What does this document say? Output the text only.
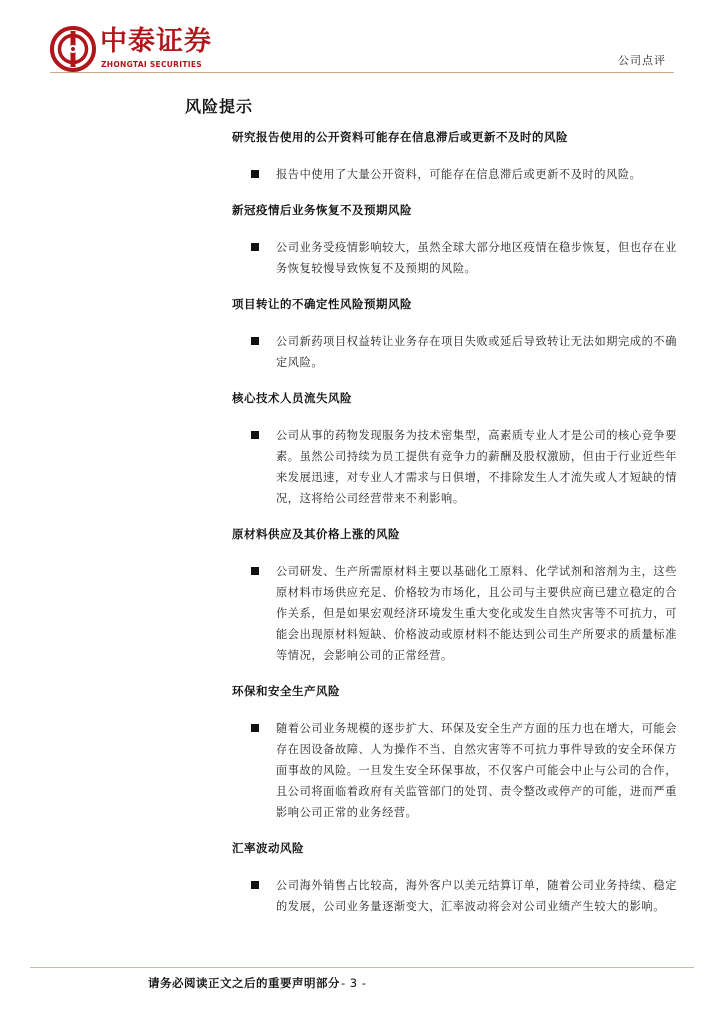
中泰证券
ZHONGTAI SECURITIES	公司点评
风险提示
研究报告使用的公开资料可能存在信息滞后或更新不及时的风险
报告中使用了大量公开资料，可能存在信息滞后或更新不及时的风险。
新冠疫情后业务恢复不及预期风险
公司业务受疫情影响较大，虽然全球大部分地区疫情在稳步恢复，但也存在业务恢复较慢导致恢复不及预期的风险。
项目转让的不确定性风险预期风险
公司新药项目权益转让业务存在项目失败或延后导致转让无法如期完成的不确定风险。
核心技术人员流失风险
公司从事的药物发现服务为技术密集型，高素质专业人才是公司的核心竞争要素。虽然公司持续为员工提供有竞争力的薪酬及股权激励，但由于行业近些年来发展迅速，对专业人才需求与日俱增，不排除发生人才流失或人才短缺的情况，这将给公司经营带来不利影响。
原材料供应及其价格上涨的风险
公司研发、生产所需原材料主要以基础化工原料、化学试剂和溶剂为主，这些原材料市场供应充足、价格较为市场化，且公司与主要供应商已建立稳定的合作关系，但是如果宏观经济环境发生重大变化或发生自然灾害等不可抗力，可能会出现原材料短缺、价格波动或原材料不能达到公司生产所要求的质量标准等情况，会影响公司的正常经营。
环保和安全生产风险
随着公司业务规模的逐步扩大、环保及安全生产方面的压力也在增大，可能会存在因设备故障、人为操作不当、自然灾害等不可抗力事件导致的安全环保方面事故的风险。一旦发生安全环保事故，不仅客户可能会中止与公司的合作，且公司将面临着政府有关监管部门的处罚、责令整改或停产的可能，进而严重影响公司正常的业务经营。
汇率波动风险
公司海外销售占比较高，海外客户以美元结算订单，随着公司业务持续、稳定的发展，公司业务量逐渐变大，汇率波动将会对公司业绩产生较大的影响。
请务必阅读正文之后的重要声明部分- 3 -
